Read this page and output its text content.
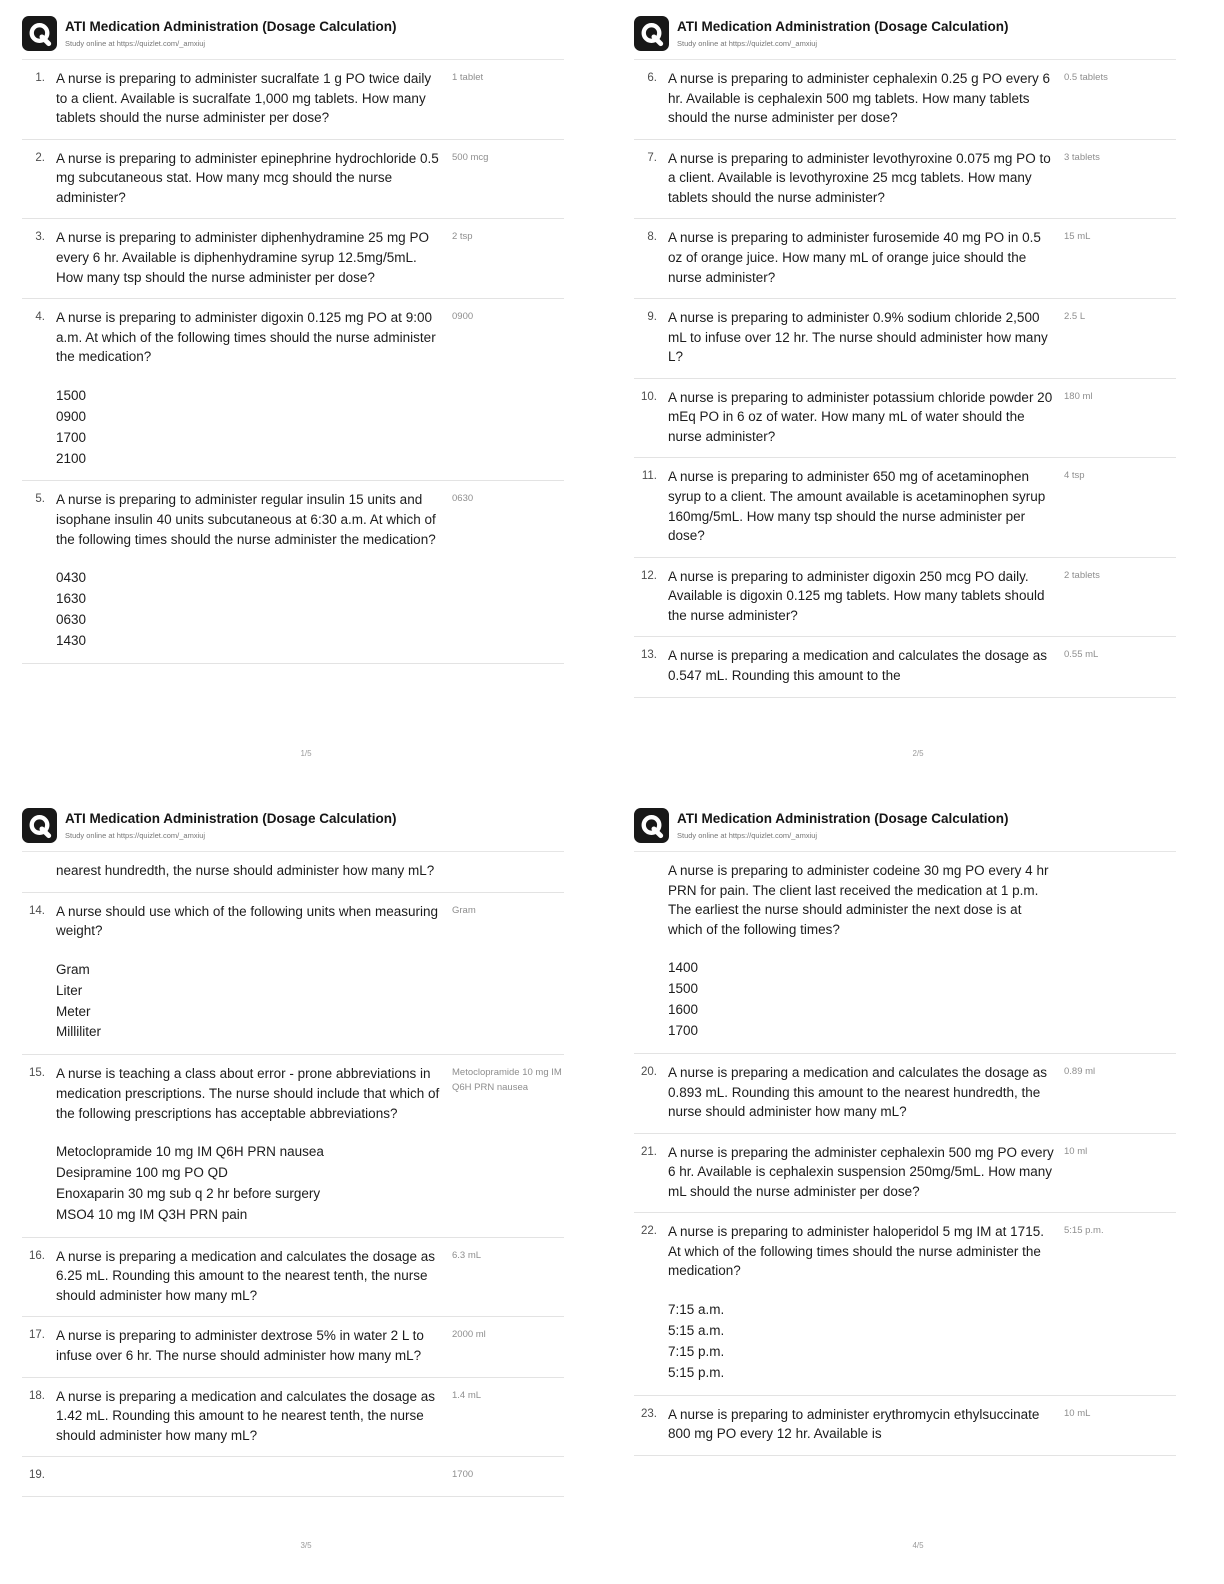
ATI Medication Administration (Dosage Calculation)
Study online at https://quizlet.com/_amxiuj
1. A nurse is preparing to administer sucralfate 1 g PO twice daily to a client. Available is sucralfate 1,000 mg tablets. How many tablets should the nurse administer per dose?
1 tablet
2. A nurse is preparing to administer epinephrine hydrochloride 0.5 mg subcutaneous stat. How many mcg should the nurse administer?
500 mcg
3. A nurse is preparing to administer diphenhydramine 25 mg PO every 6 hr. Available is diphenhydramine syrup 12.5mg/5mL. How many tsp should the nurse administer per dose?
2 tsp
4. A nurse is preparing to administer digoxin 0.125 mg PO at 9:00 a.m. At which of the following times should the nurse administer the medication?
1500
0900
1700
2100
0900
5. A nurse is preparing to administer regular insulin 15 units and isophane insulin 40 units subcutaneous at 6:30 a.m. At which of the following times should the nurse administer the medication?
0430
1630
0630
1430
0630
1/5
ATI Medication Administration (Dosage Calculation)
Study online at https://quizlet.com/_amxiuj
6. A nurse is preparing to administer cephalexin 0.25 g PO every 6 hr. Available is cephalexin 500 mg tablets. How many tablets should the nurse administer per dose?
0.5 tablets
7. A nurse is preparing to administer levothyroxine 0.075 mg PO to a client. Available is levothyroxine 25 mcg tablets. How many tablets should the nurse administer?
3 tablets
8. A nurse is preparing to administer furosemide 40 mg PO in 0.5 oz of orange juice. How many mL of orange juice should the nurse administer?
15 mL
9. A nurse is preparing to administer 0.9% sodium chloride 2,500 mL to infuse over 12 hr. The nurse should administer how many L?
2.5 L
10. A nurse is preparing to administer potassium chloride powder 20 mEq PO in 6 oz of water. How many mL of water should the nurse administer?
180 ml
11. A nurse is preparing to administer 650 mg of acetaminophen syrup to a client. The amount available is acetaminophen syrup 160mg/5mL. How many tsp should the nurse administer per dose?
4 tsp
12. A nurse is preparing to administer digoxin 250 mcg PO daily. Available is digoxin 0.125 mg tablets. How many tablets should the nurse administer?
2 tablets
13. A nurse is preparing a medication and calculates the dosage as 0.547 mL. Rounding this amount to the
0.55 mL
2/5
ATI Medication Administration (Dosage Calculation)
Study online at https://quizlet.com/_amxiuj
nearest hundredth, the nurse should administer how many mL?
14. A nurse should use which of the following units when measuring weight?
Gram
Liter
Meter
Milliliter
Gram
15. A nurse is teaching a class about error - prone abbreviations in medication prescriptions. The nurse should include that which of the following prescriptions has acceptable abbreviations?
Metoclopramide 10 mg IM Q6H PRN nausea
Desipramine 100 mg PO QD
Enoxaparin 30 mg sub q 2 hr before surgery
MSO4 10 mg IM Q3H PRN pain
Metoclopramide 10 mg IM Q6H PRN nausea
16. A nurse is preparing a medication and calculates the dosage as 6.25 mL. Rounding this amount to the nearest tenth, the nurse should administer how many mL?
6.3 mL
17. A nurse is preparing to administer dextrose 5% in water 2 L to infuse over 6 hr. The nurse should administer how many mL?
2000 ml
18. A nurse is preparing a medication and calculates the dosage as 1.42 mL. Rounding this amount to he nearest tenth, the nurse should administer how many mL?
1.4 mL
19.	1700
3/5
ATI Medication Administration (Dosage Calculation)
Study online at https://quizlet.com/_amxiuj
A nurse is preparing to administer codeine 30 mg PO every 4 hr PRN for pain. The client last received the medication at 1 p.m. The earliest the nurse should administer the next dose is at which of the following times?
1400
1500
1600
1700
20. A nurse is preparing a medication and calculates the dosage as 0.893 mL. Rounding this amount to the nearest hundredth, the nurse should administer how many mL?
0.89 ml
21. A nurse is preparing the administer cephalexin 500 mg PO every 6 hr. Available is cephalexin suspension 250mg/5mL. How many mL should the nurse administer per dose?
10 ml
22. A nurse is preparing to administer haloperidol 5 mg IM at 1715. At which of the following times should the nurse administer the medication?
7:15 a.m.
5:15 a.m.
7:15 p.m.
5:15 p.m.
5:15 p.m.
23. A nurse is preparing to administer erythromycin ethylsuccinate 800 mg PO every 12 hr. Available is
10 mL
4/5
